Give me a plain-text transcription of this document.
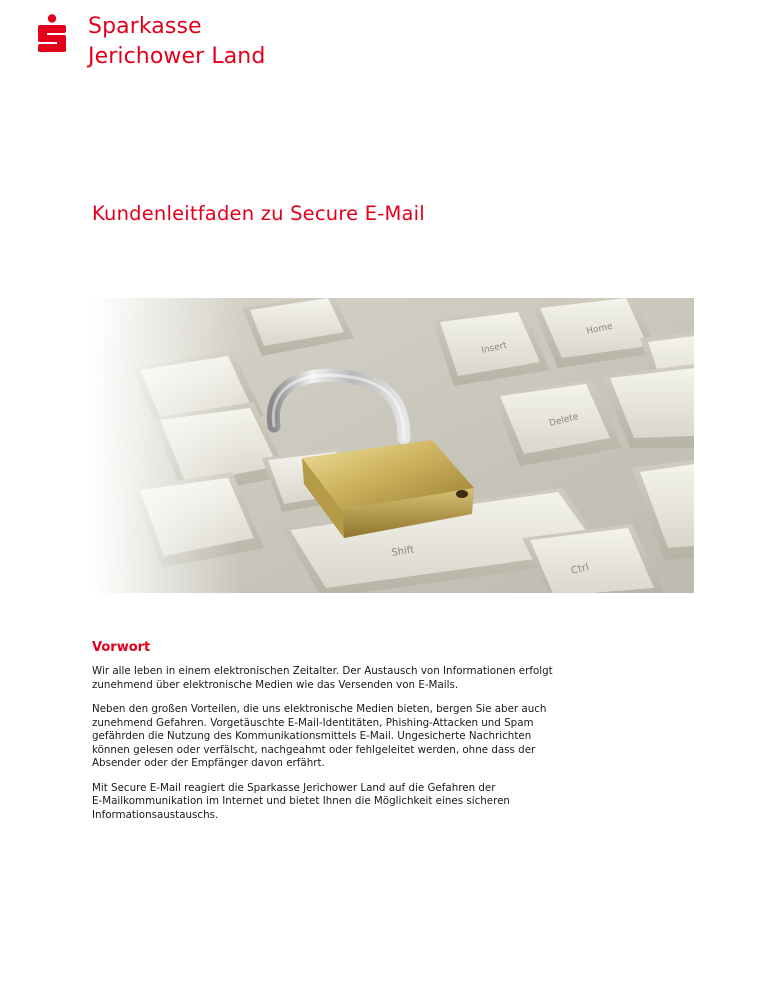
Sparkasse
Jerichower Land
Kundenleitfaden zu Secure E-Mail
Insert
Home
Delete
Shift
Ctrl
Vorwort

Wir alle leben in einem elektronischen Zeitalter. Der Austausch von Informationen erfolgt
zunehmend über elektronische Medien wie das Versenden von E-Mails.

Neben den großen Vorteilen, die uns elektronische Medien bieten, bergen Sie aber auch
zunehmend Gefahren. Vorgetäuschte E-Mail-Identitäten, Phishing-Attacken und Spam
gefährden die Nutzung des Kommunikationsmittels E-Mail. Ungesicherte Nachrichten
können gelesen oder verfälscht, nachgeahmt oder fehlgeleitet werden, ohne dass der
Absender oder der Empfänger davon erfährt.

Mit Secure E-Mail reagiert die Sparkasse Jerichower Land auf die Gefahren der
E-Mailkommunikation im Internet und bietet Ihnen die Möglichkeit eines sicheren
Informationsaustauschs.
